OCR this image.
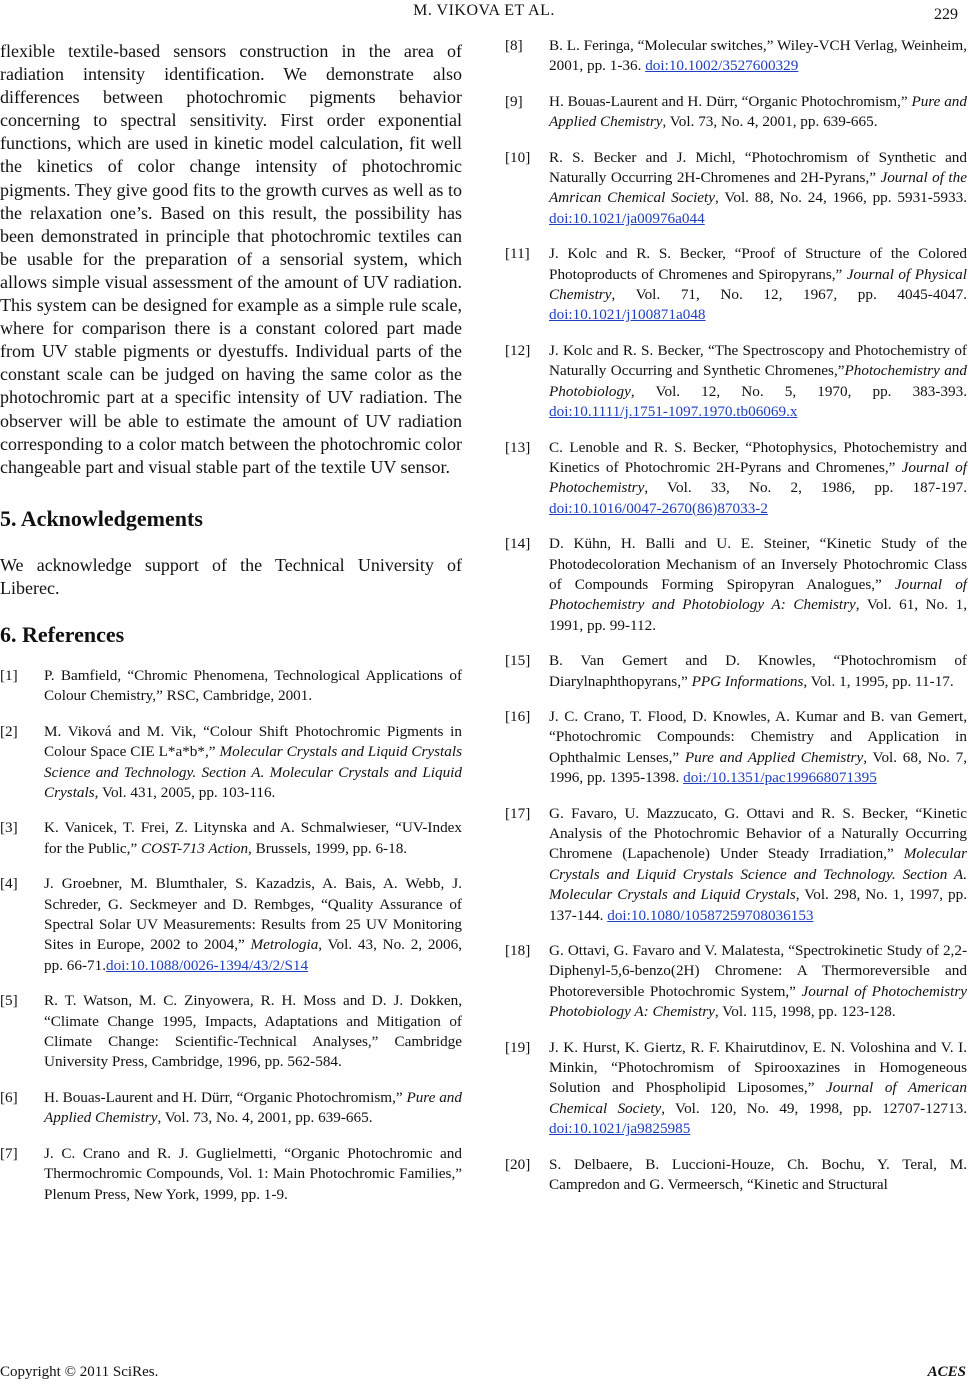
M. VIKOVA ET AL.	229

flexible textile-based sensors construction in the area of radiation intensity identification. We demonstrate also differences between photochromic pigments behavior concerning to spectral sensitivity. First order exponential functions, which are used in kinetic model calculation, fit well the kinetics of color change intensity of photochromic pigments. They give good fits to the growth curves as well as to the relaxation one’s. Based on this result, the possibility has been demonstrated in principle that photochromic textiles can be usable for the preparation of a sensorial system, which allows simple visual assessment of the amount of UV radiation. This system can be designed for example as a simple rule scale, where for comparison there is a constant colored part made from UV stable pigments or dyestuffs. Individual parts of the constant scale can be judged on having the same color as the photochromic part at a specific intensity of UV radiation. The observer will be able to estimate the amount of UV radiation corresponding to a color match between the photochromic color changeable part and visual stable part of the textile UV sensor.

5. Acknowledgements

We acknowledge support of the Technical University of Liberec.

6. References

[1] P. Bamfield, “Chromic Phenomena, Technological Applications of Colour Chemistry,” RSC, Cambridge, 2001.

[2] M. Viková and M. Vik, “Colour Shift Photochromic Pigments in Colour Space CIE L*a*b*,” Molecular Crystals and Liquid Crystals Science and Technology. Section A. Molecular Crystals and Liquid Crystals, Vol. 431, 2005, pp. 103-116.

[3] K. Vanicek, T. Frei, Z. Litynska and A. Schmalwieser, “UV-Index for the Public,” COST-713 Action, Brussels, 1999, pp. 6-18.

[4] J. Groebner, M. Blumthaler, S. Kazadzis, A. Bais, A. Webb, J. Schreder, G. Seckmeyer and D. Rembges, “Quality Assurance of Spectral Solar UV Measurements: Results from 25 UV Monitoring Sites in Europe, 2002 to 2004,” Metrologia, Vol. 43, No. 2, 2006, pp. 66-71.doi:10.1088/0026-1394/43/2/S14

[5] R. T. Watson, M. C. Zinyowera, R. H. Moss and D. J. Dokken, “Climate Change 1995, Impacts, Adaptations and Mitigation of Climate Change: Scientific-Technical Analyses,” Cambridge University Press, Cambridge, 1996, pp. 562-584.

[6] H. Bouas-Laurent and H. Dürr, “Organic Photochromism,” Pure and Applied Chemistry, Vol. 73, No. 4, 2001, pp. 639-665.

[7] J. C. Crano and R. J. Guglielmetti, “Organic Photochromic and Thermochromic Compounds, Vol. 1: Main Photochromic Families,” Plenum Press, New York, 1999, pp. 1-9.

[8] B. L. Feringa, “Molecular switches,” Wiley-VCH Verlag, Weinheim, 2001, pp. 1-36. doi:10.1002/3527600329

[9] H. Bouas-Laurent and H. Dürr, “Organic Photochromism,” Pure and Applied Chemistry, Vol. 73, No. 4, 2001, pp. 639-665.

[10] R. S. Becker and J. Michl, “Photochromism of Synthetic and Naturally Occurring 2H-Chromenes and 2H-Pyrans,” Journal of the Amrican Chemical Society, Vol. 88, No. 24, 1966, pp. 5931-5933. doi:10.1021/ja00976a044

[11] J. Kolc and R. S. Becker, “Proof of Structure of the Colored Photoproducts of Chromenes and Spiropyrans,” Journal of Physical Chemistry, Vol. 71, No. 12, 1967, pp. 4045-4047. doi:10.1021/j100871a048

[12] J. Kolc and R. S. Becker, “The Spectroscopy and Photochemistry of Naturally Occurring and Synthetic Chromenes,”Photochemistry and Photobiology, Vol. 12, No. 5, 1970, pp. 383-393. doi:10.1111/j.1751-1097.1970.tb06069.x

[13] C. Lenoble and R. S. Becker, “Photophysics, Photochemistry and Kinetics of Photochromic 2H-Pyrans and Chromenes,” Journal of Photochemistry, Vol. 33, No. 2, 1986, pp. 187-197. doi:10.1016/0047-2670(86)87033-2

[14] D. Kühn, H. Balli and U. E. Steiner, “Kinetic Study of the Photodecoloration Mechanism of an Inversely Photochromic Class of Compounds Forming Spiropyran Analogues,” Journal of Photochemistry and Photobiology A: Chemistry, Vol. 61, No. 1, 1991, pp. 99-112.

[15] B. Van Gemert and D. Knowles, “Photochromism of Diarylnaphthopyrans,” PPG Informations, Vol. 1, 1995, pp. 11-17.

[16] J. C. Crano, T. Flood, D. Knowles, A. Kumar and B. van Gemert, “Photochromic Compounds: Chemistry and Application in Ophthalmic Lenses,” Pure and Applied Chemistry, Vol. 68, No. 7, 1996, pp. 1395-1398. doi:/10.1351/pac199668071395

[17] G. Favaro, U. Mazzucato, G. Ottavi and R. S. Becker, “Kinetic Analysis of the Photochromic Behavior of a Naturally Occurring Chromene (Lapachenole) Under Steady Irradiation,” Molecular Crystals and Liquid Crystals Science and Technology. Section A. Molecular Crystals and Liquid Crystals, Vol. 298, No. 1, 1997, pp. 137-144. doi:10.1080/10587259708036153

[18] G. Ottavi, G. Favaro and V. Malatesta, “Spectrokinetic Study of 2,2-Diphenyl-5,6-benzo(2H) Chromene: A Thermoreversible and Photoreversible Photochromic System,” Journal of Photochemistry Photobiology A: Chemistry, Vol. 115, 1998, pp. 123-128.

[19] J. K. Hurst, K. Giertz, R. F. Khairutdinov, E. N. Voloshina and V. I. Minkin, “Photochromism of Spirooxazines in Homogeneous Solution and Phospholipid Liposomes,” Journal of American Chemical Society, Vol. 120, No. 49, 1998, pp. 12707-12713. doi:10.1021/ja9825985

[20] S. Delbaere, B. Luccioni-Houze, Ch. Bochu, Y. Teral, M. Campredon and G. Vermeersch, “Kinetic and Structural

Copyright © 2011 SciRes.	ACES
